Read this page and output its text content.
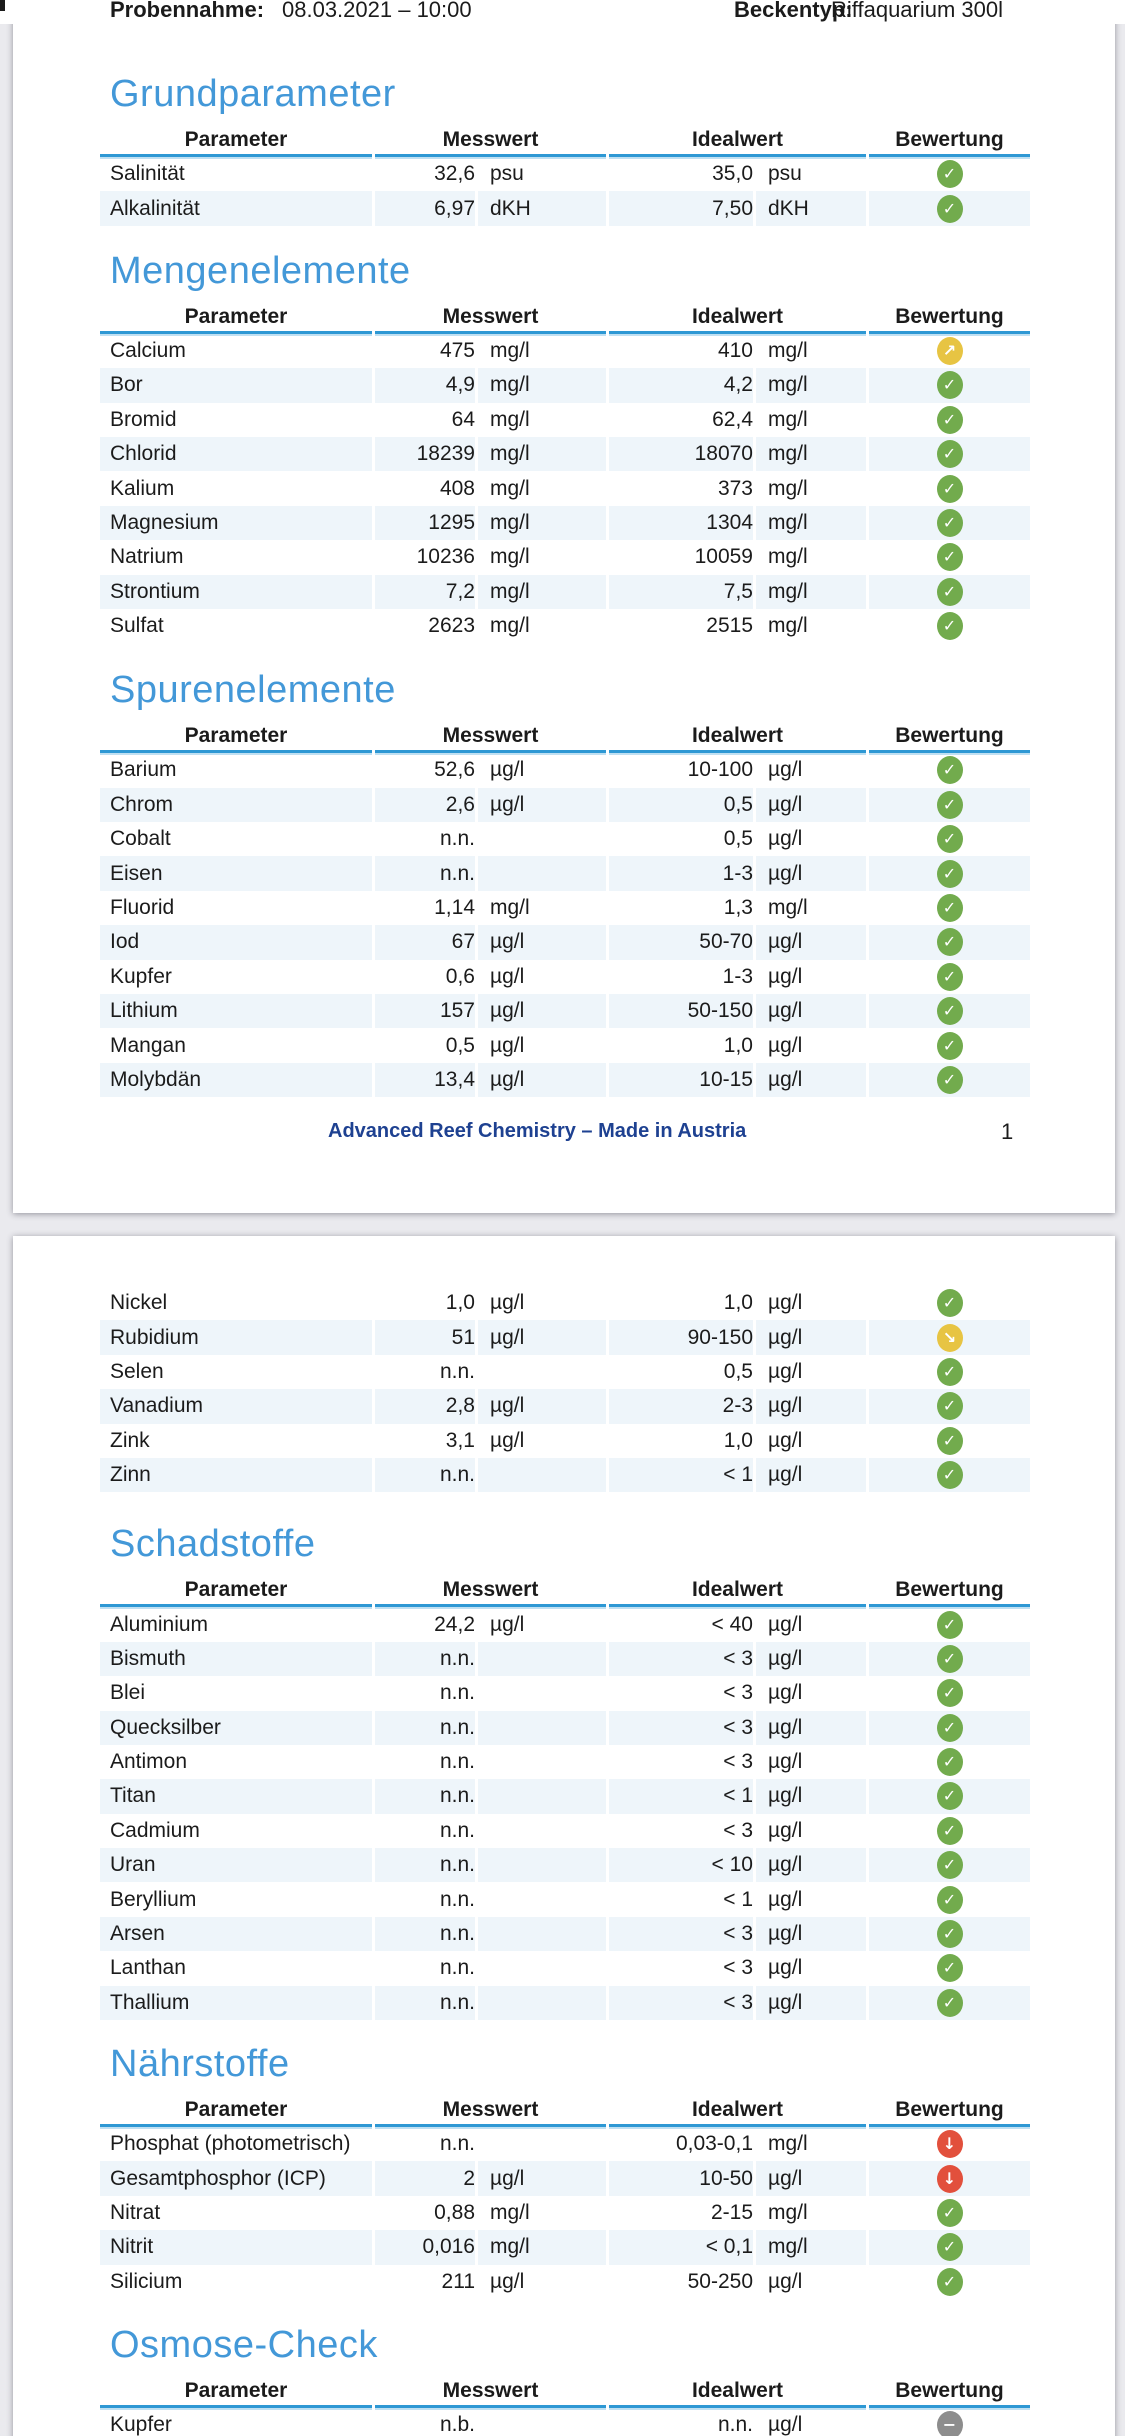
Probennahme: 08.03.2021 – 10:00	Beckentyp:
Riffaquarium 300l
Grundparameter
Parameter	Messwert	Idealwert	Bewertung
Salinität	32,6 psu	35,0 psu	✓
Alkalinität	6,97 dKH	7,50 dKH	✓
Mengenelemente
Parameter	Messwert	Idealwert	Bewertung
Calcium	475 mg/l	410 mg/l	↗
Bor	4,9 mg/l	4,2 mg/l	✓
Bromid	64 mg/l	62,4 mg/l	✓
Chlorid	18239 mg/l	18070 mg/l	✓
Kalium	408 mg/l	373 mg/l	✓
Magnesium	1295 mg/l	1304 mg/l	✓
Natrium	10236 mg/l	10059 mg/l	✓
Strontium	7,2 mg/l	7,5 mg/l	✓
Sulfat	2623 mg/l	2515 mg/l	✓
Spurenelemente
Parameter	Messwert	Idealwert	Bewertung
Barium	52,6 µg/l	10-100 µg/l	✓
Chrom	2,6 µg/l	0,5 µg/l	✓
Cobalt	n.n.	0,5 µg/l	✓
Eisen	n.n.	1-3 µg/l	✓
Fluorid	1,14 mg/l	1,3 mg/l	✓
Iod	67 µg/l	50-70 µg/l	✓
Kupfer	0,6 µg/l	1-3 µg/l	✓
Lithium	157 µg/l	50-150 µg/l	✓
Mangan	0,5 µg/l	1,0 µg/l	✓
Molybdän	13,4 µg/l	10-15 µg/l	✓
Advanced Reef Chemistry – Made in Austria	1
Nickel	1,0 µg/l	1,0 µg/l	✓
Rubidium	51 µg/l	90-150 µg/l	↘
Selen	n.n.	0,5 µg/l	✓
Vanadium	2,8 µg/l	2-3 µg/l	✓
Zink	3,1 µg/l	1,0 µg/l	✓
Zinn	n.n.	< 1 µg/l	✓
Schadstoffe
Parameter	Messwert	Idealwert	Bewertung
Aluminium	24,2 µg/l	< 40 µg/l	✓
Bismuth	n.n.	< 3 µg/l	✓
Blei	n.n.	< 3 µg/l	✓
Quecksilber	n.n.	< 3 µg/l	✓
Antimon	n.n.	< 3 µg/l	✓
Titan	n.n.	< 1 µg/l	✓
Cadmium	n.n.	< 3 µg/l	✓
Uran	n.n.	< 10 µg/l	✓
Beryllium	n.n.	< 1 µg/l	✓
Arsen	n.n.	< 3 µg/l	✓
Lanthan	n.n.	< 3 µg/l	✓
Thallium	n.n.	< 3 µg/l	✓
Nährstoffe
Parameter	Messwert	Idealwert	Bewertung
Phosphat (photometrisch)	n.n.	0,03-0,1 mg/l	↓
Gesamtphosphor (ICP)	2 µg/l	10-50 µg/l	↓
Nitrat	0,88 mg/l	2-15 mg/l	✓
Nitrit	0,016 mg/l	< 0,1 mg/l	✓
Silicium	211 µg/l	50-250 µg/l	✓
Osmose-Check
Parameter	Messwert	Idealwert	Bewertung
Kupfer	n.b.	n.n. µg/l	−
